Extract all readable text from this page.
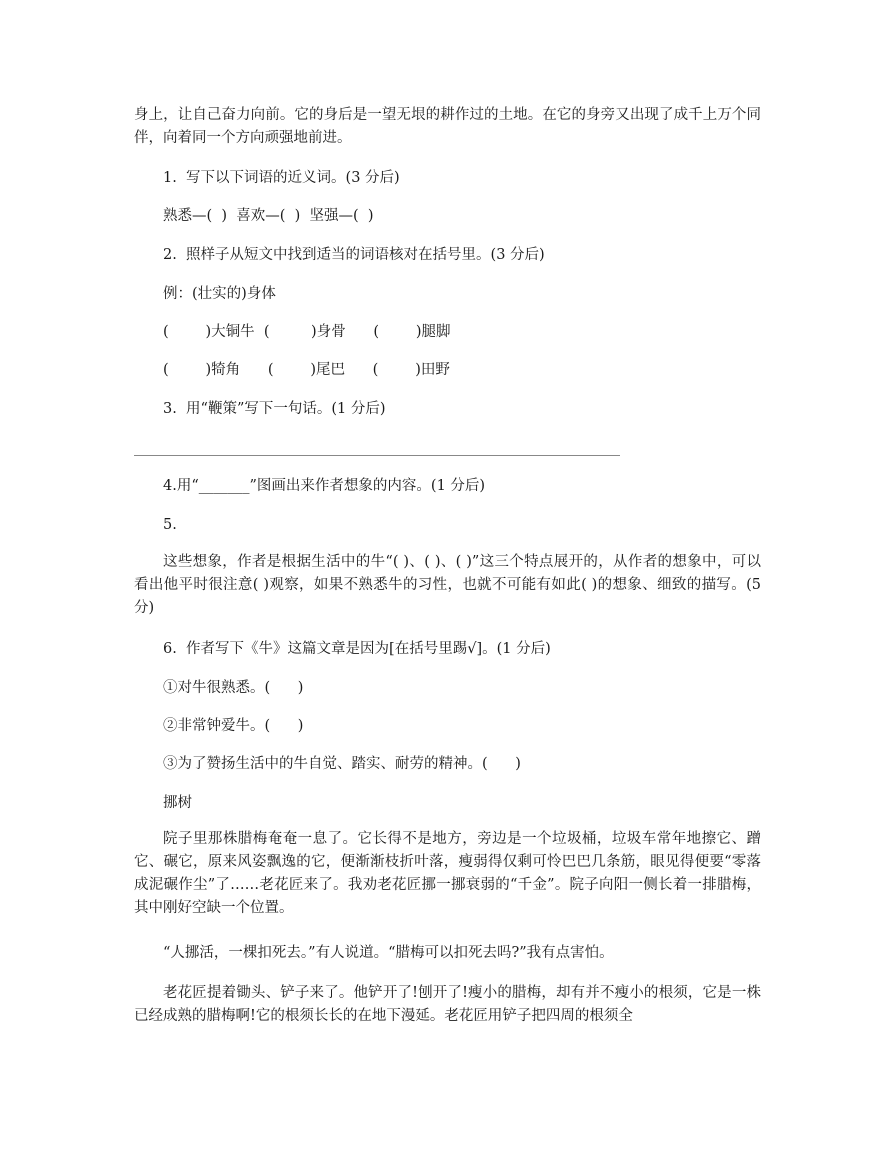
身上，让自己奋力向前。它的身后是一望无垠的耕作过的土地。在它的身旁又出现了成千上万个同伴，向着同一个方向顽强地前进。
1.  写下以下词语的近义词。(3 分后)
熟悉—(  )  喜欢—(  )  坚强—(  )
2.  照样子从短文中找到适当的词语核对在括号里。(3 分后)
例：(壮实的)身体
(        )大铜牛  (         )身骨      (        )腿脚
(        )犄角      (        )尾巴      (        )田野
3.  用“鞭策”写下一句话。(1 分后)
4.用“_______”图画出来作者想象的内容。(1 分后)
5.
这些想象，作者是根据生活中的牛“( )、( )、( )”这三个特点展开的，从作者的想象中，可以看出他平时很注意( )观察，如果不熟悉牛的习性，也就不可能有如此( )的想象、细致的描写。(5 分)
6.  作者写下《牛》这篇文章是因为[在括号里踢√]。(1 分后)
①对牛很熟悉。(      )
②非常钟爱牛。(      )
③为了赞扬生活中的牛自觉、踏实、耐劳的精神。(      )
挪树
院子里那株腊梅奄奄一息了。它长得不是地方，旁边是一个垃圾桶，垃圾车常年地擦它、蹭它、碾它，原来风姿飘逸的它，便渐渐枝折叶落，瘦弱得仅剩可怜巴巴几条筋，眼见得便要“零落成泥碾作尘”了……老花匠来了。我劝老花匠挪一挪衰弱的“千金”。院子向阳一侧长着一排腊梅，其中刚好空缺一个位置。
“人挪活，一棵扣死去。”有人说道。“腊梅可以扣死去吗?”我有点害怕。
老花匠提着锄头、铲子来了。他铲开了!刨开了!瘦小的腊梅，却有并不瘦小的根须，它是一株已经成熟的腊梅啊!它的根须长长的在地下漫延。老花匠用铲子把四周的根须全
